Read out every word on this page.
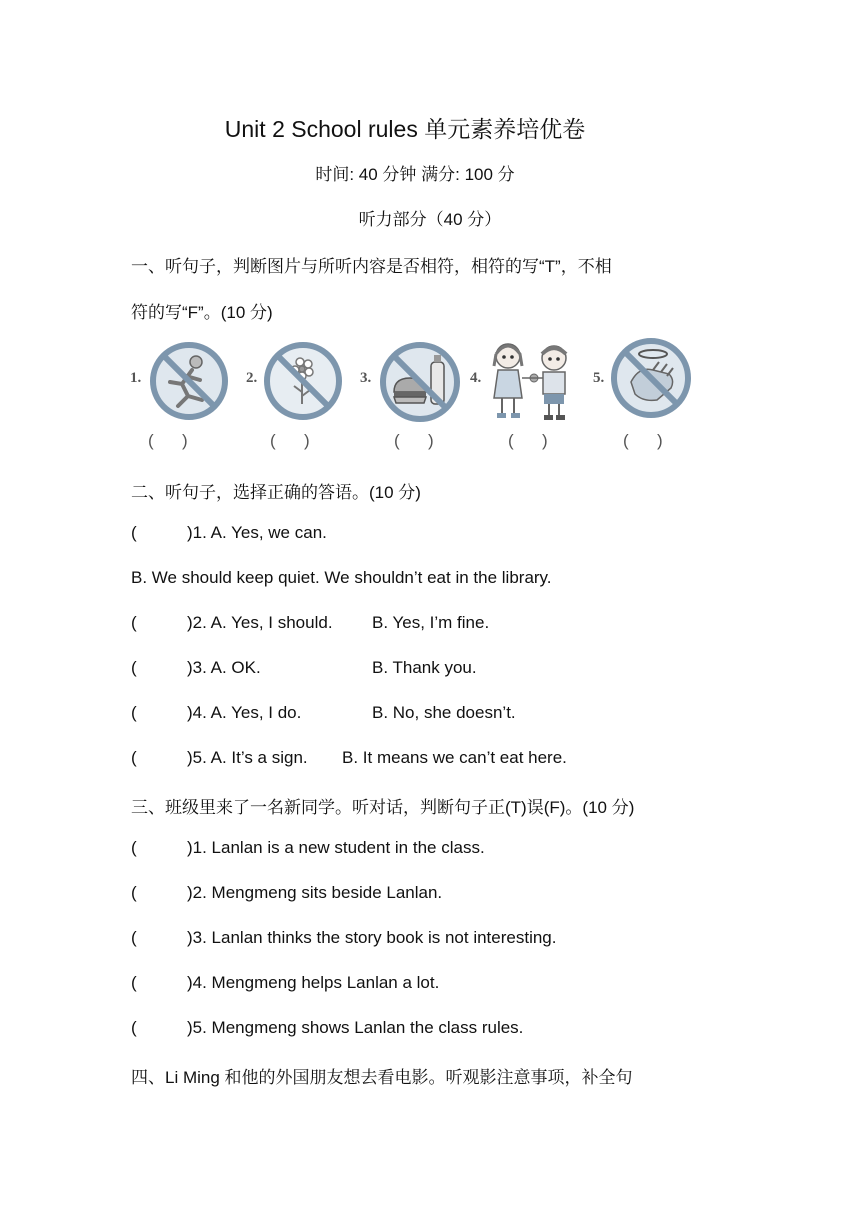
Unit 2 School rules 单元素养培优卷
时间: 40 分钟 满分: 100 分
听力部分（40 分）
一、听句子，判断图片与所听内容是否相符，相符的写“T”，不相
符的写“F”。(10 分)
1.
(      )
2.
(      )
3.
(      )
4.
(      )
5.
(      )
二、听句子，选择正确的答语。(10 分)
(	)1. A. Yes, we can.
B. We should keep quiet. We shouldn’t eat in the library.
(	)2. A. Yes, I should. B. Yes, I’m fine.
(	)3. A. OK.	B. Thank you.
(	)4. A. Yes, I do.	B. No, she doesn’t.
(	)5. A. It’s a sign. B. It means we can’t eat here.
三、班级里来了一名新同学。听对话，判断句子正(T)误(F)。(10 分)
(	)1. Lanlan is a new student in the class.
(	)2. Mengmeng sits beside Lanlan.
(	)3. Lanlan thinks the story book is not interesting.
(	)4. Mengmeng helps Lanlan a lot.
(	)5. Mengmeng shows Lanlan the class rules.
四、Li Ming 和他的外国朋友想去看电影。听观影注意事项，补全句
